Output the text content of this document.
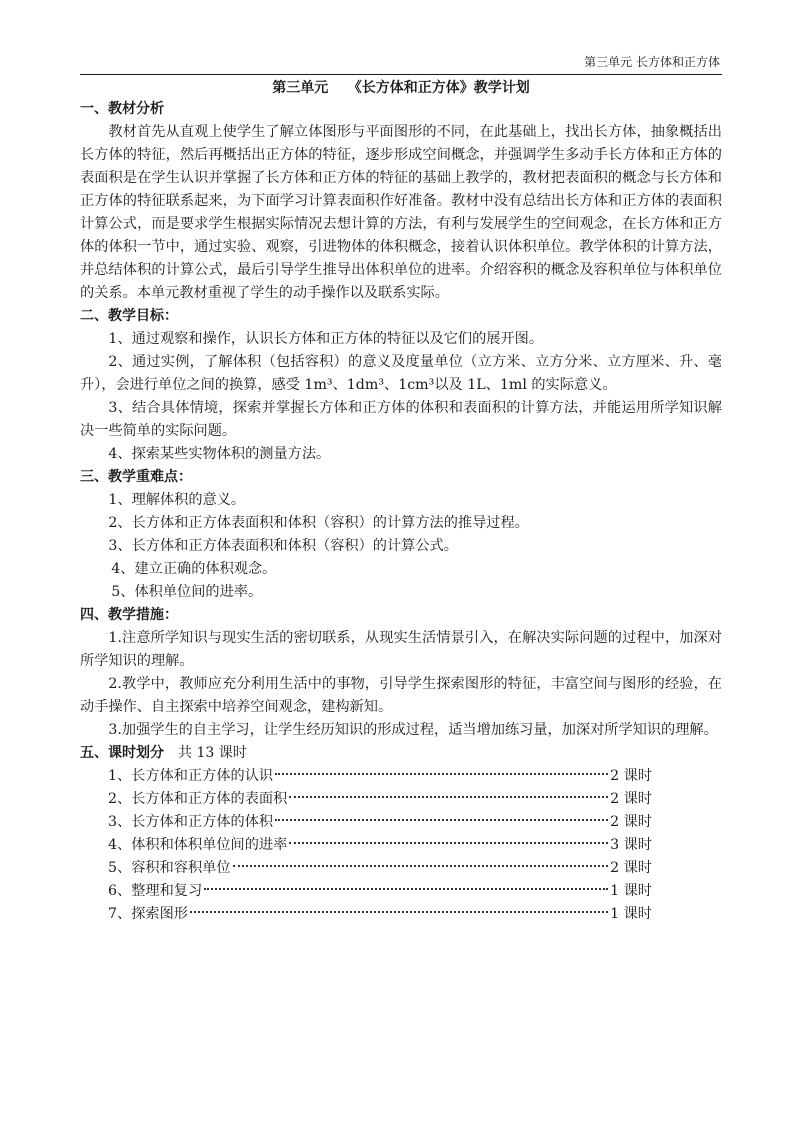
第三单元 长方体和正方体
第三单元    《长方体和正方体》教学计划
一、教材分析

教材首先从直观上使学生了解立体图形与平面图形的不同，在此基础上，找出长方体，抽象概括出长方体的特征，然后再概括出正方体的特征，逐步形成空间概念，并强调学生多动手长方体和正方体的表面积是在学生认识并掌握了长方体和正方体的特征的基础上教学的，教材把表面积的概念与长方体和正方体的特征联系起来，为下面学习计算表面积作好准备。教材中没有总结出长方体和正方体的表面积计算公式，而是要求学生根据实际情况去想计算的方法，有利与发展学生的空间观念，在长方体和正方体的体积一节中，通过实验、观察，引进物体的体积概念，接着认识体积单位。教学体积的计算方法，并总结体积的计算公式，最后引导学生推导出体积单位的进率。介绍容积的概念及容积单位与体积单位的关系。本单元教材重视了学生的动手操作以及联系实际。

二、教学目标：

1、通过观察和操作，认识长方体和正方体的特征以及它们的展开图。

2、通过实例，了解体积（包括容积）的意义及度量单位（立方米、立方分米、立方厘米、升、毫升），会进行单位之间的换算，感受 1m³、1dm³、1cm³以及 1L、1ml 的实际意义。

3、结合具体情境，探索并掌握长方体和正方体的体积和表面积的计算方法，并能运用所学知识解决一些简单的实际问题。

4、探索某些实物体积的测量方法。

三、教学重难点：

1、理解体积的意义。

2、长方体和正方体表面积和体积（容积）的计算方法的推导过程。

3、长方体和正方体表面积和体积（容积）的计算公式。

4、建立正确的体积观念。

5、体积单位间的进率。

四、教学措施：

1.注意所学知识与现实生活的密切联系，从现实生活情景引入，在解决实际问题的过程中，加深对所学知识的理解。

2.教学中，教师应充分利用生活中的事物，引导学生探索图形的特征，丰富空间与图形的经验，在动手操作、自主探索中培养空间观念，建构新知。

3.加强学生的自主学习，让学生经历知识的形成过程，适当增加练习量，加深对所学知识的理解。

五、课时划分 共 13 课时
1、长方体和正方体的认识	2 课时
2、长方体和正方体的表面积	2 课时
3、长方体和正方体的体积	2 课时
4、体积和体积单位间的进率	3 课时
5、容积和容积单位	2 课时
6、整理和复习	1 课时
7、探索图形	1 课时
